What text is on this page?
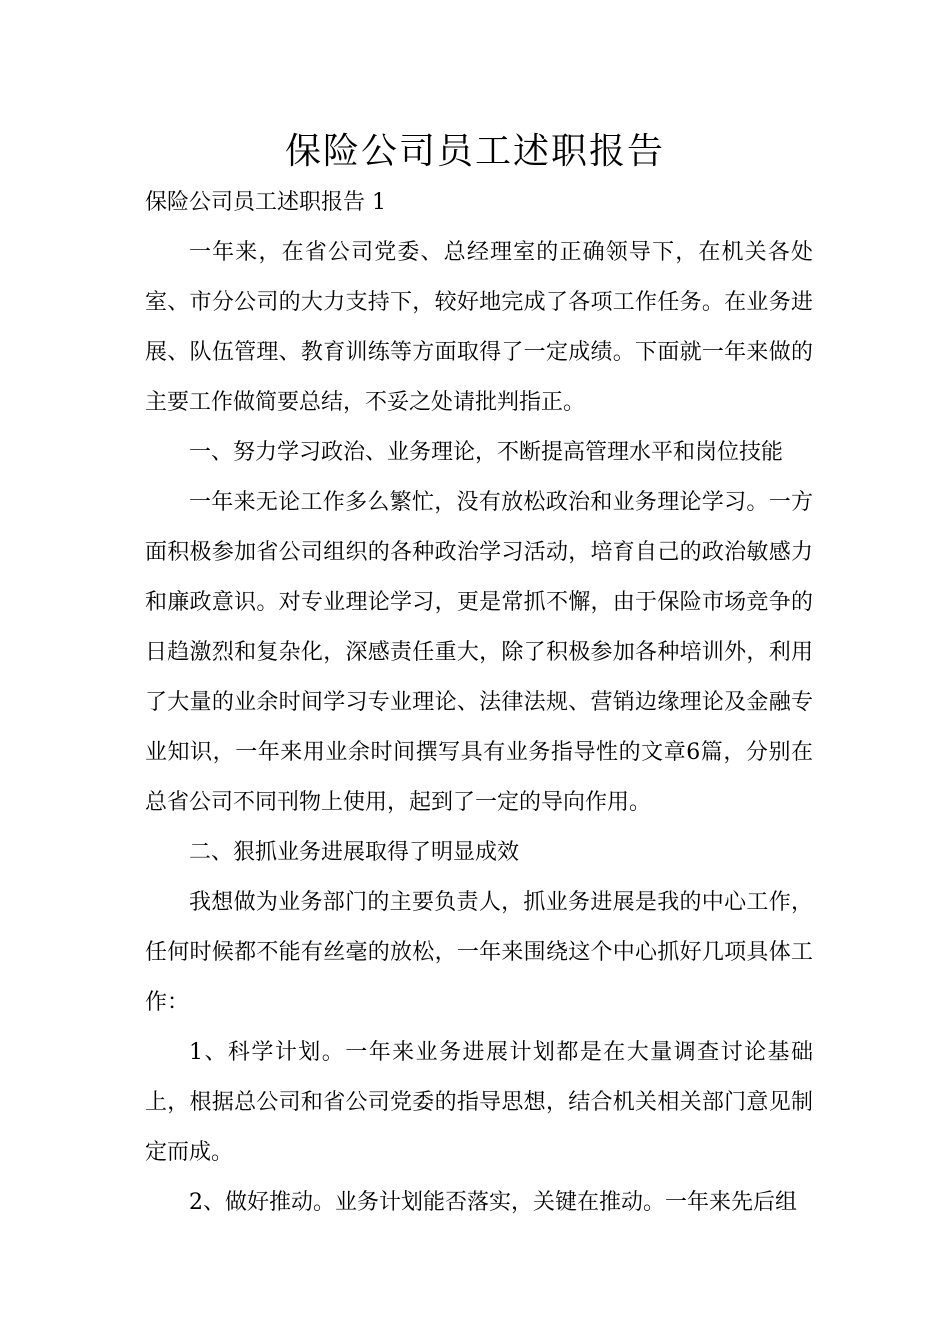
保险公司员工述职报告

保险公司员工述职报告 1

一年来，在省公司党委、总经理室的正确领导下，在机关各处室、市分公司的大力支持下，较好地完成了各项工作任务。在业务进展、队伍管理、教育训练等方面取得了一定成绩。下面就一年来做的主要工作做简要总结，不妥之处请批判指正。

一、努力学习政治、业务理论，不断提高管理水平和岗位技能

一年来无论工作多么繁忙，没有放松政治和业务理论学习。一方面积极参加省公司组织的各种政治学习活动，培育自己的政治敏感力和廉政意识。对专业理论学习，更是常抓不懈，由于保险市场竞争的日趋激烈和复杂化，深感责任重大，除了积极参加各种培训外，利用了大量的业余时间学习专业理论、法律法规、营销边缘理论及金融专业知识，一年来用业余时间撰写具有业务指导性的文章6篇，分别在总省公司不同刊物上使用，起到了一定的导向作用。

二、狠抓业务进展取得了明显成效

我想做为业务部门的主要负责人，抓业务进展是我的中心工作，任何时候都不能有丝毫的放松，一年来围绕这个中心抓好几项具体工作：

1、科学计划。一年来业务进展计划都是在大量调查讨论基础上，根据总公司和省公司党委的指导思想，结合机关相关部门意见制定而成。

2、做好推动。业务计划能否落实，关键在推动。一年来先后组
